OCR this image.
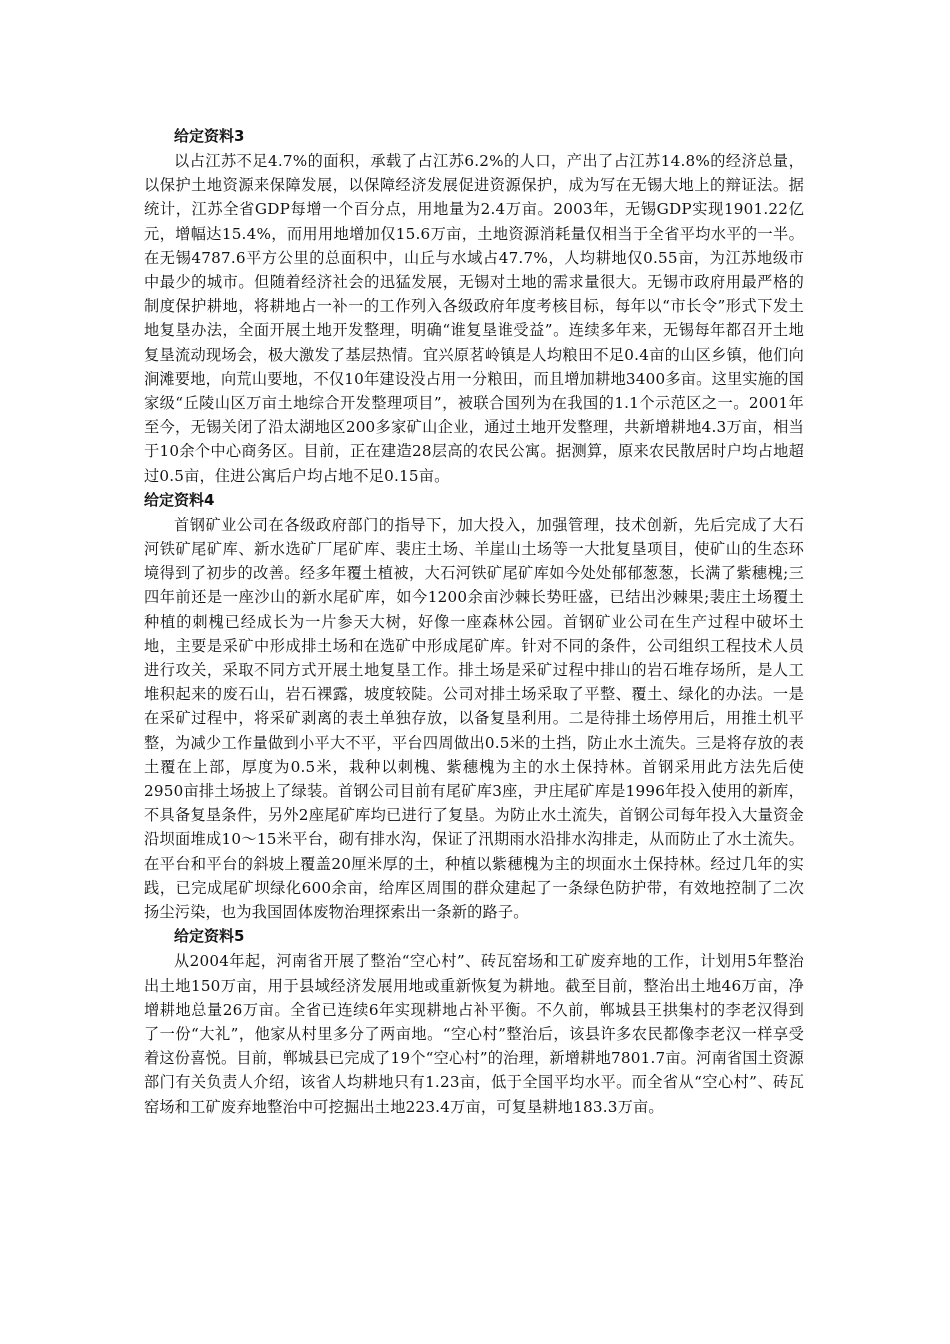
给定资料3

以占江苏不足4.7%的面积，承载了占江苏6.2%的人口，产出了占江苏14.8%的经济总量，以保护土地资源来保障发展，以保障经济发展促进资源保护，成为写在无锡大地上的辩证法。据统计，江苏全省GDP每增一个百分点，用地量为2.4万亩。2003年，无锡GDP实现1901.22亿元，增幅达15.4%，而用用地增加仅15.6万亩，土地资源消耗量仅相当于全省平均水平的一半。在无锡4787.6平方公里的总面积中，山丘与水域占47.7%，人均耕地仅0.55亩，为江苏地级市中最少的城市。但随着经济社会的迅猛发展，无锡对土地的需求量很大。无锡市政府用最严格的制度保护耕地，将耕地占一补一的工作列入各级政府年度考核目标，每年以“市长令”形式下发土地复垦办法，全面开展土地开发整理，明确“谁复垦谁受益”。连续多年来，无锡每年都召开土地复垦流动现场会，极大激发了基层热情。宜兴原茗岭镇是人均粮田不足0.4亩的山区乡镇，他们向涧滩要地，向荒山要地，不仅10年建设没占用一分粮田，而且增加耕地3400多亩。这里实施的国家级“丘陵山区万亩土地综合开发整理项目”，被联合国列为在我国的1.1个示范区之一。2001年至今，无锡关闭了沿太湖地区200多家矿山企业，通过土地开发整理，共新增耕地4.3万亩，相当于10余个中心商务区。目前，正在建造28层高的农民公寓。据测算，原来农民散居时户均占地超过0.5亩，住进公寓后户均占地不足0.15亩。

给定资料4

首钢矿业公司在各级政府部门的指导下，加大投入，加强管理，技术创新，先后完成了大石河铁矿尾矿库、新水选矿厂尾矿库、裴庄土场、羊崖山土场等一大批复垦项目，使矿山的生态环境得到了初步的改善。经多年覆土植被，大石河铁矿尾矿库如今处处郁郁葱葱，长满了紫穗槐;三四年前还是一座沙山的新水尾矿库，如今1200余亩沙棘长势旺盛，已结出沙棘果;裴庄土场覆土种植的刺槐已经成长为一片参天大树，好像一座森林公园。首钢矿业公司在生产过程中破坏土地，主要是采矿中形成排土场和在选矿中形成尾矿库。针对不同的条件，公司组织工程技术人员进行攻关，采取不同方式开展土地复垦工作。排土场是采矿过程中排山的岩石堆存场所，是人工堆积起来的废石山，岩石裸露，坡度较陡。公司对排土场采取了平整、覆土、绿化的办法。一是在采矿过程中，将采矿剥离的表土单独存放，以备复垦利用。二是待排土场停用后，用推土机平整，为减少工作量做到小平大不平，平台四周做出0.5米的土挡，防止水土流失。三是将存放的表土覆在上部，厚度为0.5米，栽种以刺槐、紫穗槐为主的水土保持林。首钢采用此方法先后使2950亩排土场披上了绿装。首钢公司目前有尾矿库3座，尹庄尾矿库是1996年投入使用的新库，不具备复垦条件，另外2座尾矿库均已进行了复垦。为防止水土流失，首钢公司每年投入大量资金沿坝面堆成10～15米平台，砌有排水沟，保证了汛期雨水沿排水沟排走，从而防止了水土流失。在平台和平台的斜坡上覆盖20厘米厚的土，种植以紫穗槐为主的坝面水土保持林。经过几年的实践，已完成尾矿坝绿化600余亩，给库区周围的群众建起了一条绿色防护带，有效地控制了二次扬尘污染，也为我国固体废物治理探索出一条新的路子。

给定资料5

从2004年起，河南省开展了整治“空心村”、砖瓦窑场和工矿废弃地的工作，计划用5年整治出土地150万亩，用于县域经济发展用地或重新恢复为耕地。截至目前，整治出土地46万亩，净增耕地总量26万亩。全省已连续6年实现耕地占补平衡。不久前，郸城县王拱集村的李老汉得到了一份“大礼”，他家从村里多分了两亩地。“空心村”整治后，该县许多农民都像李老汉一样享受着这份喜悦。目前，郸城县已完成了19个“空心村”的治理，新增耕地7801.7亩。河南省国土资源部门有关负责人介绍，该省人均耕地只有1.23亩，低于全国平均水平。而全省从“空心村”、砖瓦窑场和工矿废弃地整治中可挖掘出土地223.4万亩，可复垦耕地183.3万亩。
